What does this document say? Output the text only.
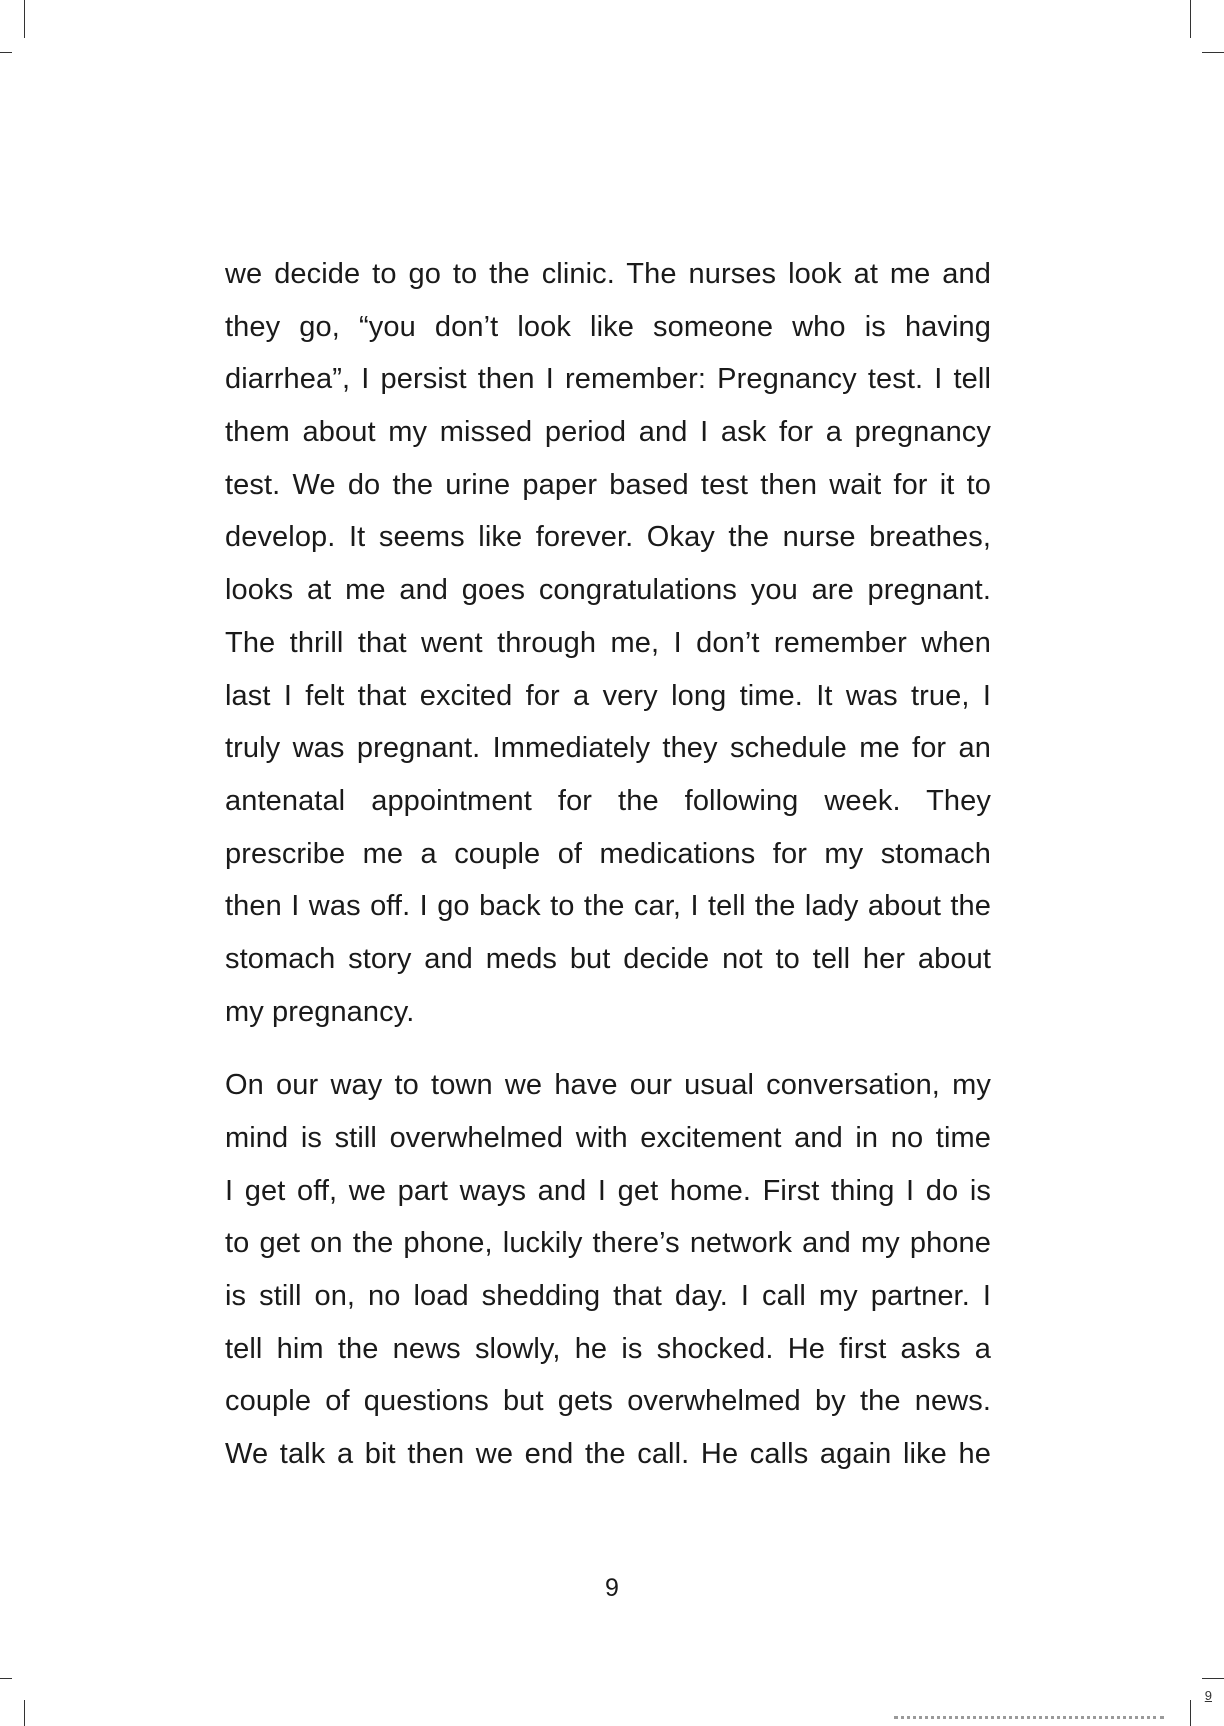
we decide to go to the clinic. The nurses look at me and
they go, “you don’t look like someone who is having
diarrhea”, I persist then I remember: Pregnancy test. I tell
them about my missed period and I ask for a pregnancy
test. We do the urine paper based test then wait for it to
develop. It seems like forever. Okay the nurse breathes,
looks at me and goes congratulations you are pregnant.
The thrill that went through me, I don’t remember when
last I felt that excited for a very long time. It was true, I
truly was pregnant. Immediately they schedule me for an
antenatal appointment for the following week. They
prescribe me a couple of medications for my stomach
then I was off. I go back to the car, I tell the lady about the
stomach story and meds but decide not to tell her about
my pregnancy.
On our way to town we have our usual conversation, my
mind is still overwhelmed with excitement and in no time
I get off, we part ways and I get home. First thing I do is
to get on the phone, luckily there’s network and my phone
is still on, no load shedding that day. I call my partner. I
tell him the news slowly, he is shocked. He first asks a
couple of questions but gets overwhelmed by the news.
We talk a bit then we end the call. He calls again like he
9
9
